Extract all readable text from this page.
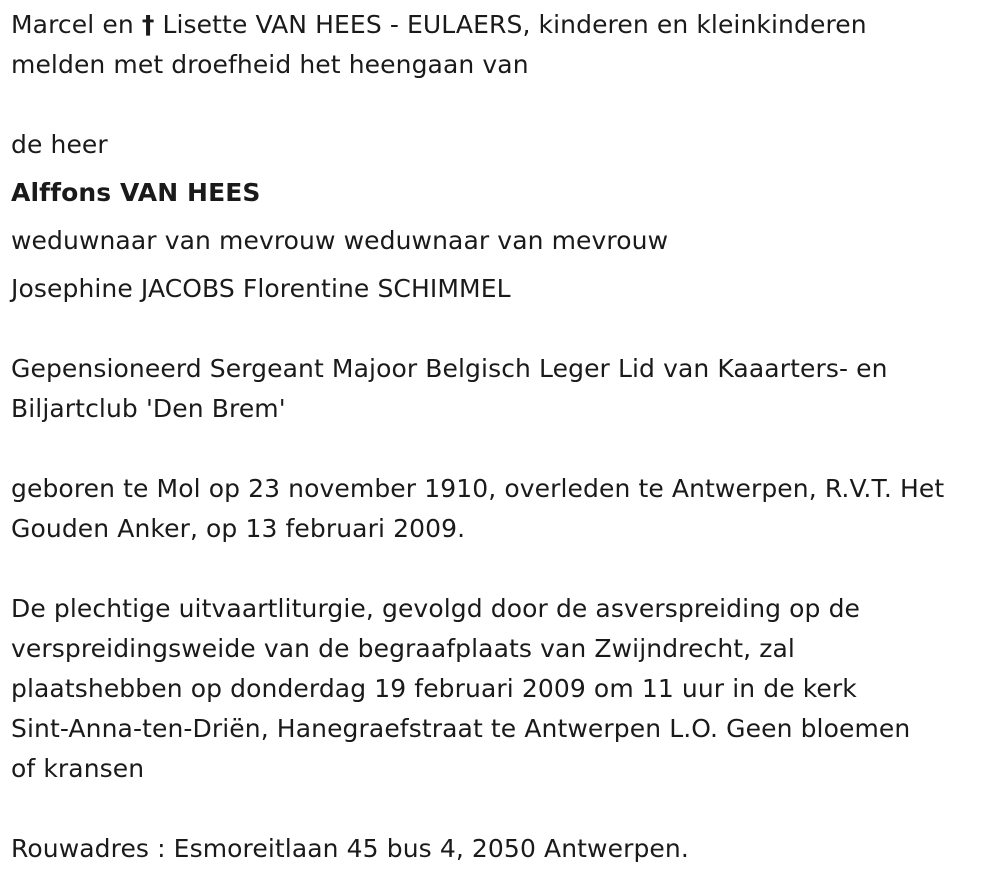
Marcel en † Lisette VAN HEES - EULAERS, kinderen en kleinkinderen
melden met droefheid het heengaan van
de heer
Alffons VAN HEES
weduwnaar van mevrouw weduwnaar van mevrouw
Josephine JACOBS Florentine SCHIMMEL
Gepensioneerd Sergeant Majoor Belgisch Leger Lid van Kaaarters- en
Biljartclub 'Den Brem'
geboren te Mol op 23 november 1910, overleden te Antwerpen, R.V.T. Het
Gouden Anker, op 13 februari 2009.
De plechtige uitvaartliturgie, gevolgd door de asverspreiding op de
verspreidingsweide van de begraafplaats van Zwijndrecht, zal
plaatshebben op donderdag 19 februari 2009 om 11 uur in de kerk
Sint-Anna-ten-Driën, Hanegraefstraat te Antwerpen L.O. Geen bloemen
of kransen
Rouwadres : Esmoreitlaan 45 bus 4, 2050 Antwerpen.
